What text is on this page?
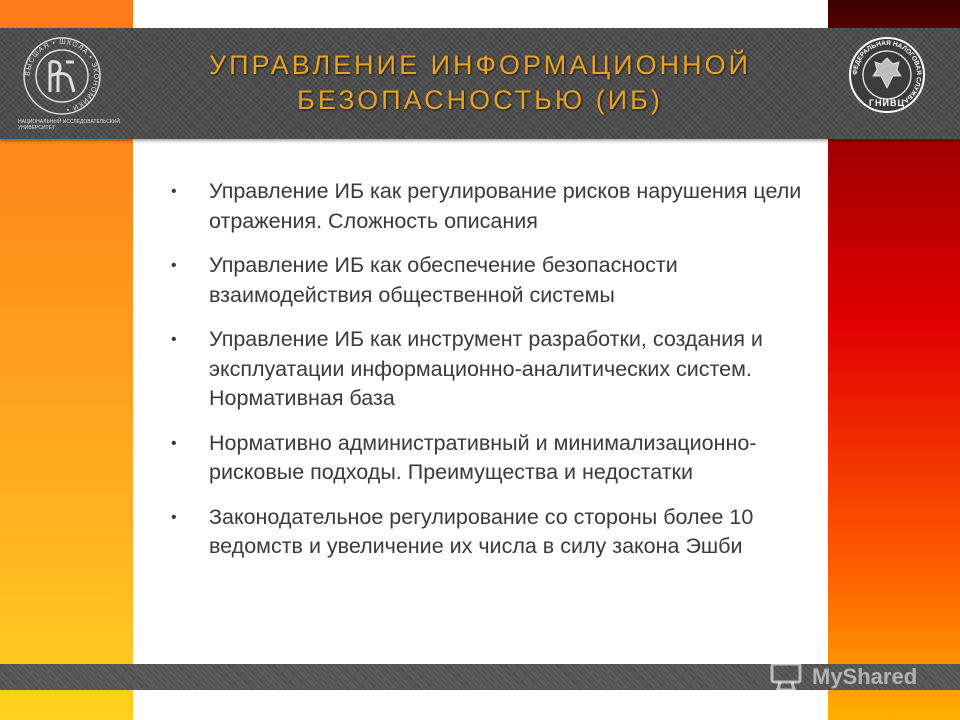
ВЫСШАЯ • ШКОЛА • ЭКОНОМИКИ •
НАЦИОНАЛЬНЫЙ ИССЛЕДОВАТЕЛЬСКИЙ
УНИВЕРСИТЕТ
УПРАВЛЕНИЕ ИНФОРМАЦИОННОЙ
БЕЗОПАСНОСТЬЮ (ИБ)
ФЕДЕРАЛЬНАЯ НАЛОГОВАЯ СЛУЖБА
ГНИВЦ
• Управление ИБ как регулирование рисков нарушения цели отражения. Сложность описания
• Управление ИБ как обеспечение безопасности взаимодействия общественной системы
• Управление ИБ как инструмент разработки, создания и эксплуатации информационно-аналитических систем. Нормативная база
• Нормативно административный и минимализационно-рисковые подходы. Преимущества и недостатки
• Законодательное регулирование со стороны более 10 ведомств и увеличение их числа в силу закона Эшби
MyShared
